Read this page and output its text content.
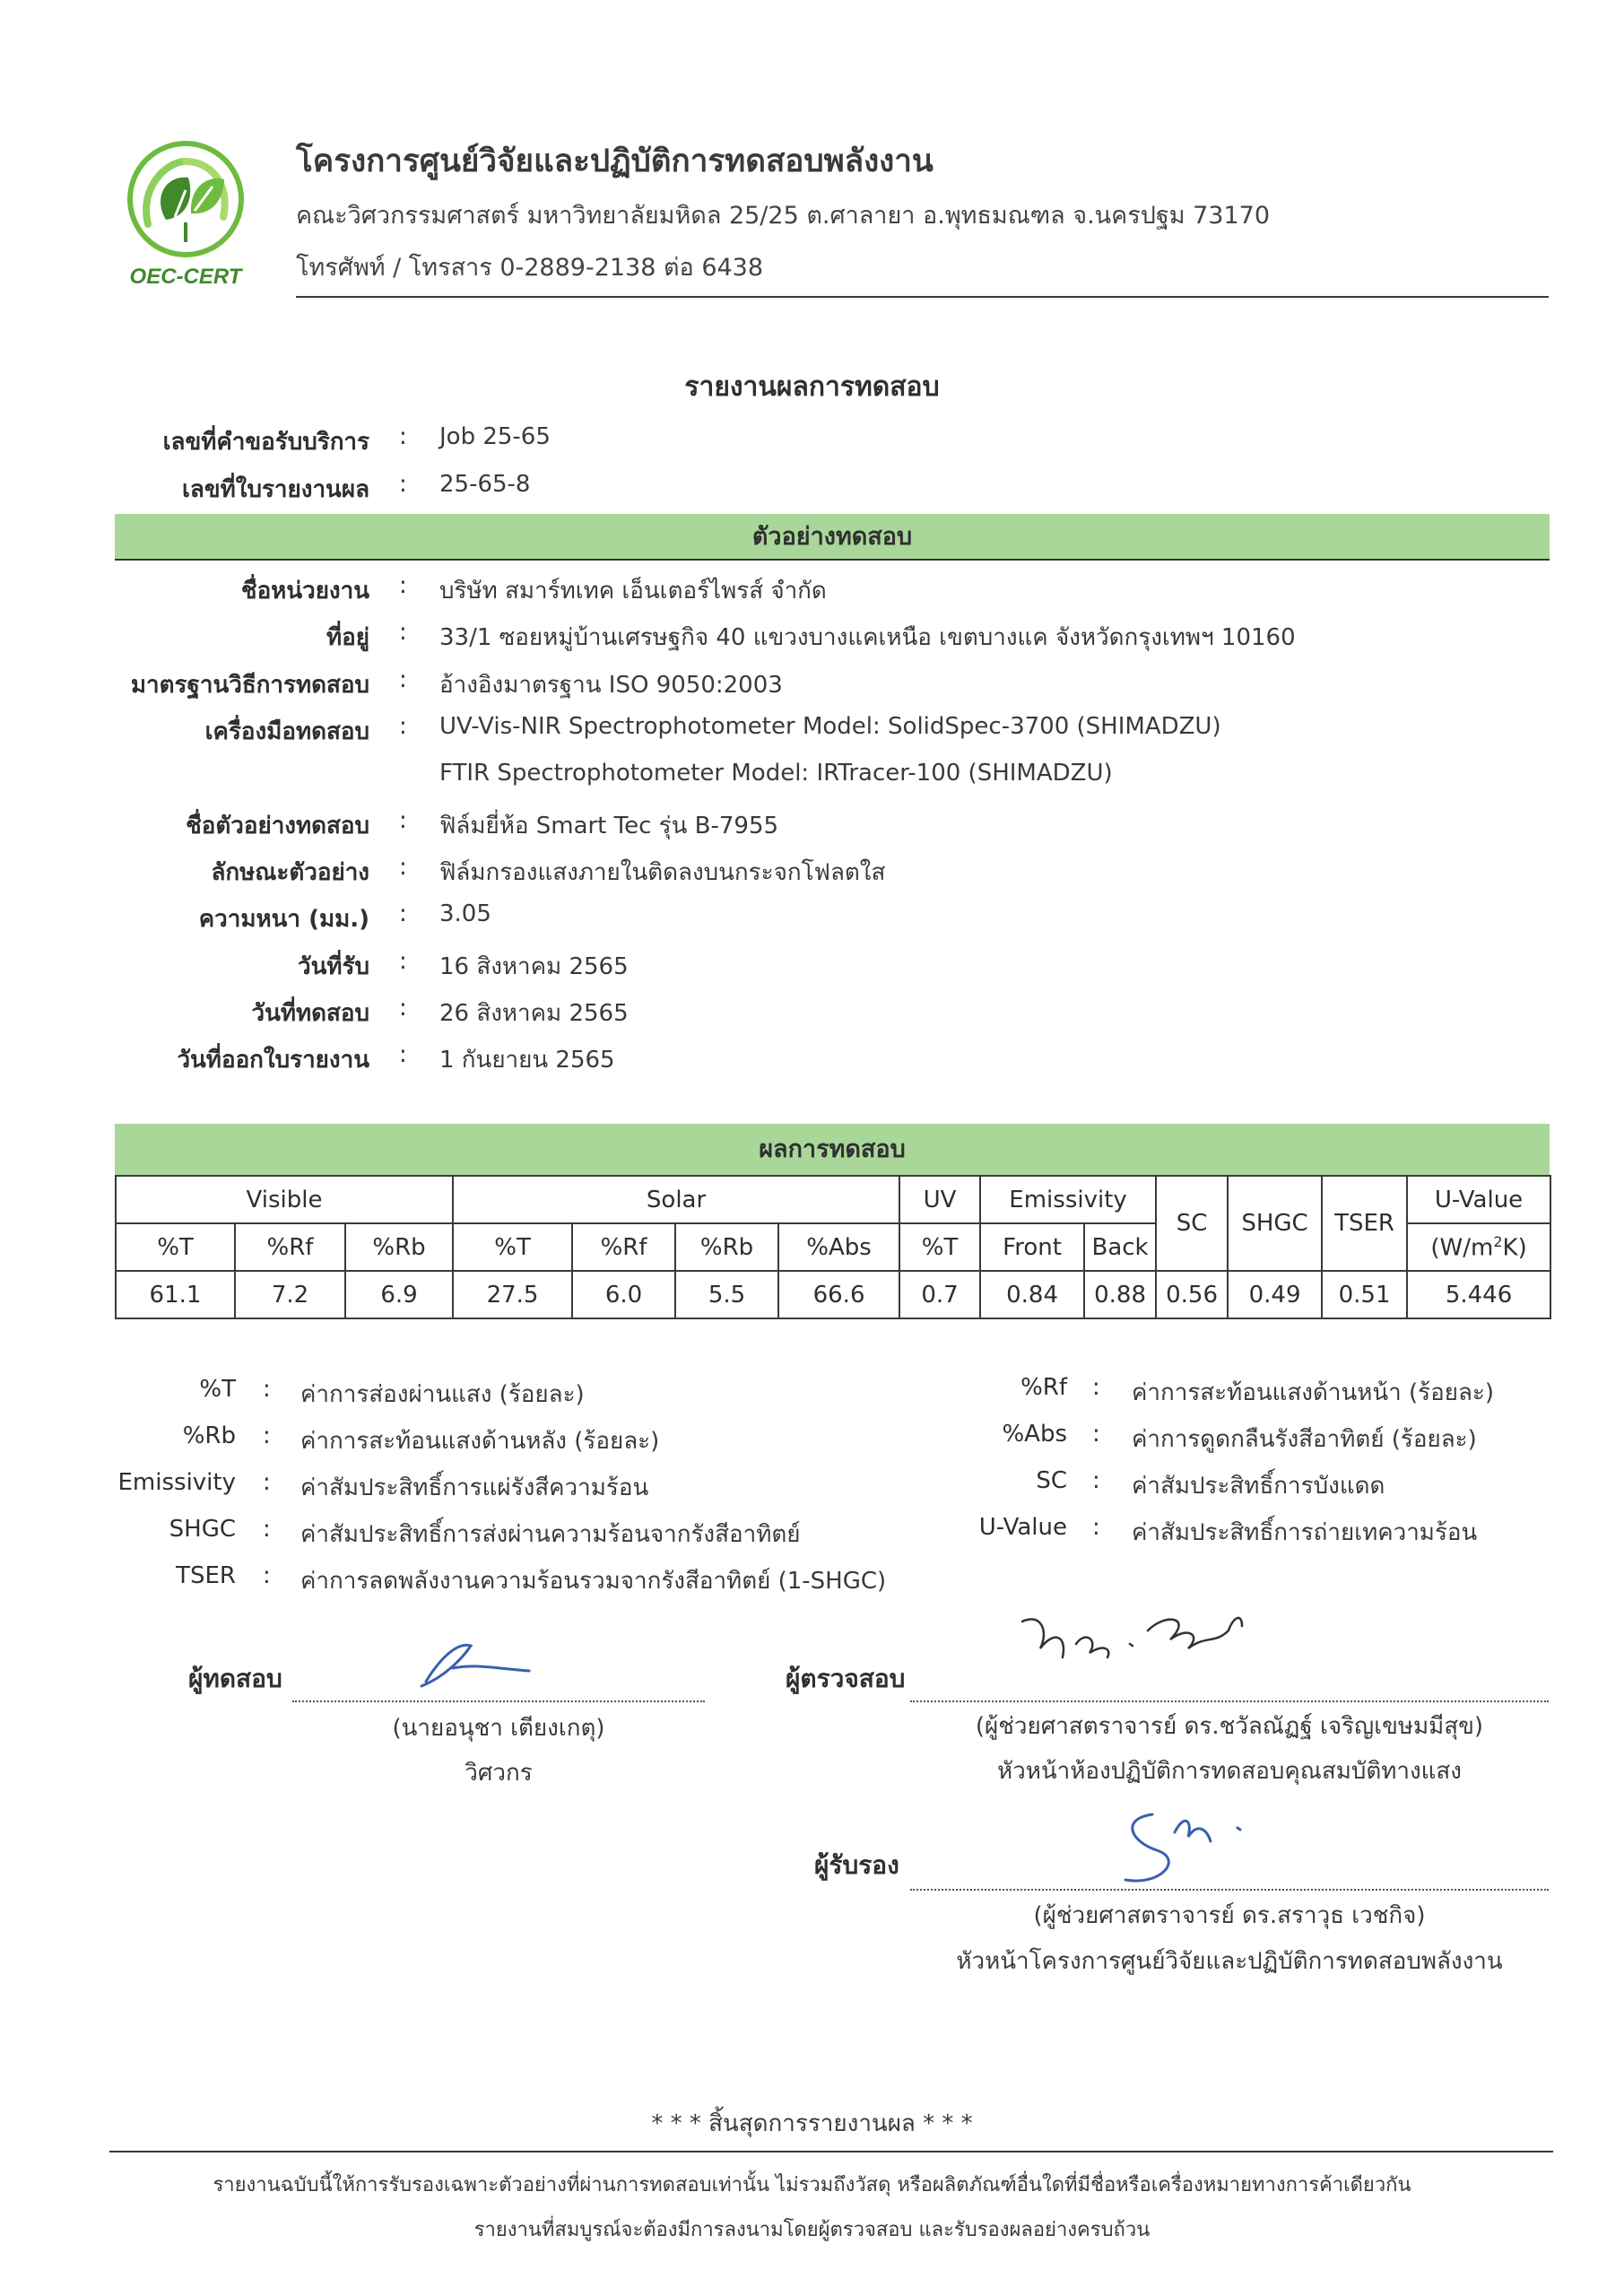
OEC-CERT
โครงการศูนย์วิจัยและปฏิบัติการทดสอบพลังงาน
คณะวิศวกรรมศาสตร์ มหาวิทยาลัยมหิดล 25/25 ต.ศาลายา อ.พุทธมณฑล จ.นครปฐม 73170
โทรศัพท์ / โทรสาร 0-2889-2138 ต่อ 6438
รายงานผลการทดสอบ
เลขที่คำขอรับบริการ : Job 25-65
เลขที่ใบรายงานผล : 25-65-8
ตัวอย่างทดสอบ
ชื่อหน่วยงาน : บริษัท สมาร์ทเทค เอ็นเตอร์ไพรส์ จำกัด
ที่อยู่ : 33/1 ซอยหมู่บ้านเศรษฐกิจ 40 แขวงบางแคเหนือ เขตบางแค จังหวัดกรุงเทพฯ 10160
มาตรฐานวิธีการทดสอบ : อ้างอิงมาตรฐาน ISO 9050:2003
เครื่องมือทดสอบ : UV-Vis-NIR Spectrophotometer Model: SolidSpec-3700 (SHIMADZU)
FTIR Spectrophotometer Model: IRTracer-100 (SHIMADZU)
ชื่อตัวอย่างทดสอบ : ฟิล์มยี่ห้อ Smart Tec รุ่น B-7955
ลักษณะตัวอย่าง : ฟิล์มกรองแสงภายในติดลงบนกระจกโฟลตใส
ความหนา (มม.) : 3.05
วันที่รับ : 16 สิงหาคม 2565
วันที่ทดสอบ : 26 สิงหาคม 2565
วันที่ออกใบรายงาน : 1 กันยายน 2565
ผลการทดสอบ
Visible			Solar				UV	Emissivity		SC	SHGC	TSER	U-Value
%T	%Rf	%Rb	%T	%Rf	%Rb	%Abs	%T	Front	Back				$(W/m^2K)$
61.1	7.2	6.9	27.5	6.0	5.5	66.6	0.7	0.84	0.88	0.56	0.49	0.51	5.446
%T : ค่าการส่องผ่านแสง (ร้อยละ)
%Rb : ค่าการสะท้อนแสงด้านหลัง (ร้อยละ)
Emissivity : ค่าสัมประสิทธิ์การแผ่รังสีความร้อน
SHGC : ค่าสัมประสิทธิ์การส่งผ่านความร้อนจากรังสีอาทิตย์
TSER : ค่าการลดพลังงานความร้อนรวมจากรังสีอาทิตย์ (1-SHGC)
%Rf : ค่าการสะท้อนแสงด้านหน้า (ร้อยละ)
%Abs : ค่าการดูดกลืนรังสีอาทิตย์ (ร้อยละ)
SC : ค่าสัมประสิทธิ์การบังแดด
U-Value : ค่าสัมประสิทธิ์การถ่ายเทความร้อน
ผู้ทดสอบ
(นายอนุชา เตียงเกตุ)
วิศวกร
ผู้ตรวจสอบ
(ผู้ช่วยศาสตราจารย์ ดร.ชวัลณัฏฐ์ เจริญเขษมมีสุข)
หัวหน้าห้องปฏิบัติการทดสอบคุณสมบัติทางแสง
ผู้รับรอง
(ผู้ช่วยศาสตราจารย์ ดร.สราวุธ เวชกิจ)
หัวหน้าโครงการศูนย์วิจัยและปฏิบัติการทดสอบพลังงาน
* * * สิ้นสุดการรายงานผล * * *
รายงานฉบับนี้ให้การรับรองเฉพาะตัวอย่างที่ผ่านการทดสอบเท่านั้น ไม่รวมถึงวัสดุ หรือผลิตภัณฑ์อื่นใดที่มีชื่อหรือเครื่องหมายทางการค้าเดียวกัน
รายงานที่สมบูรณ์จะต้องมีการลงนามโดยผู้ตรวจสอบ และรับรองผลอย่างครบถ้วน
